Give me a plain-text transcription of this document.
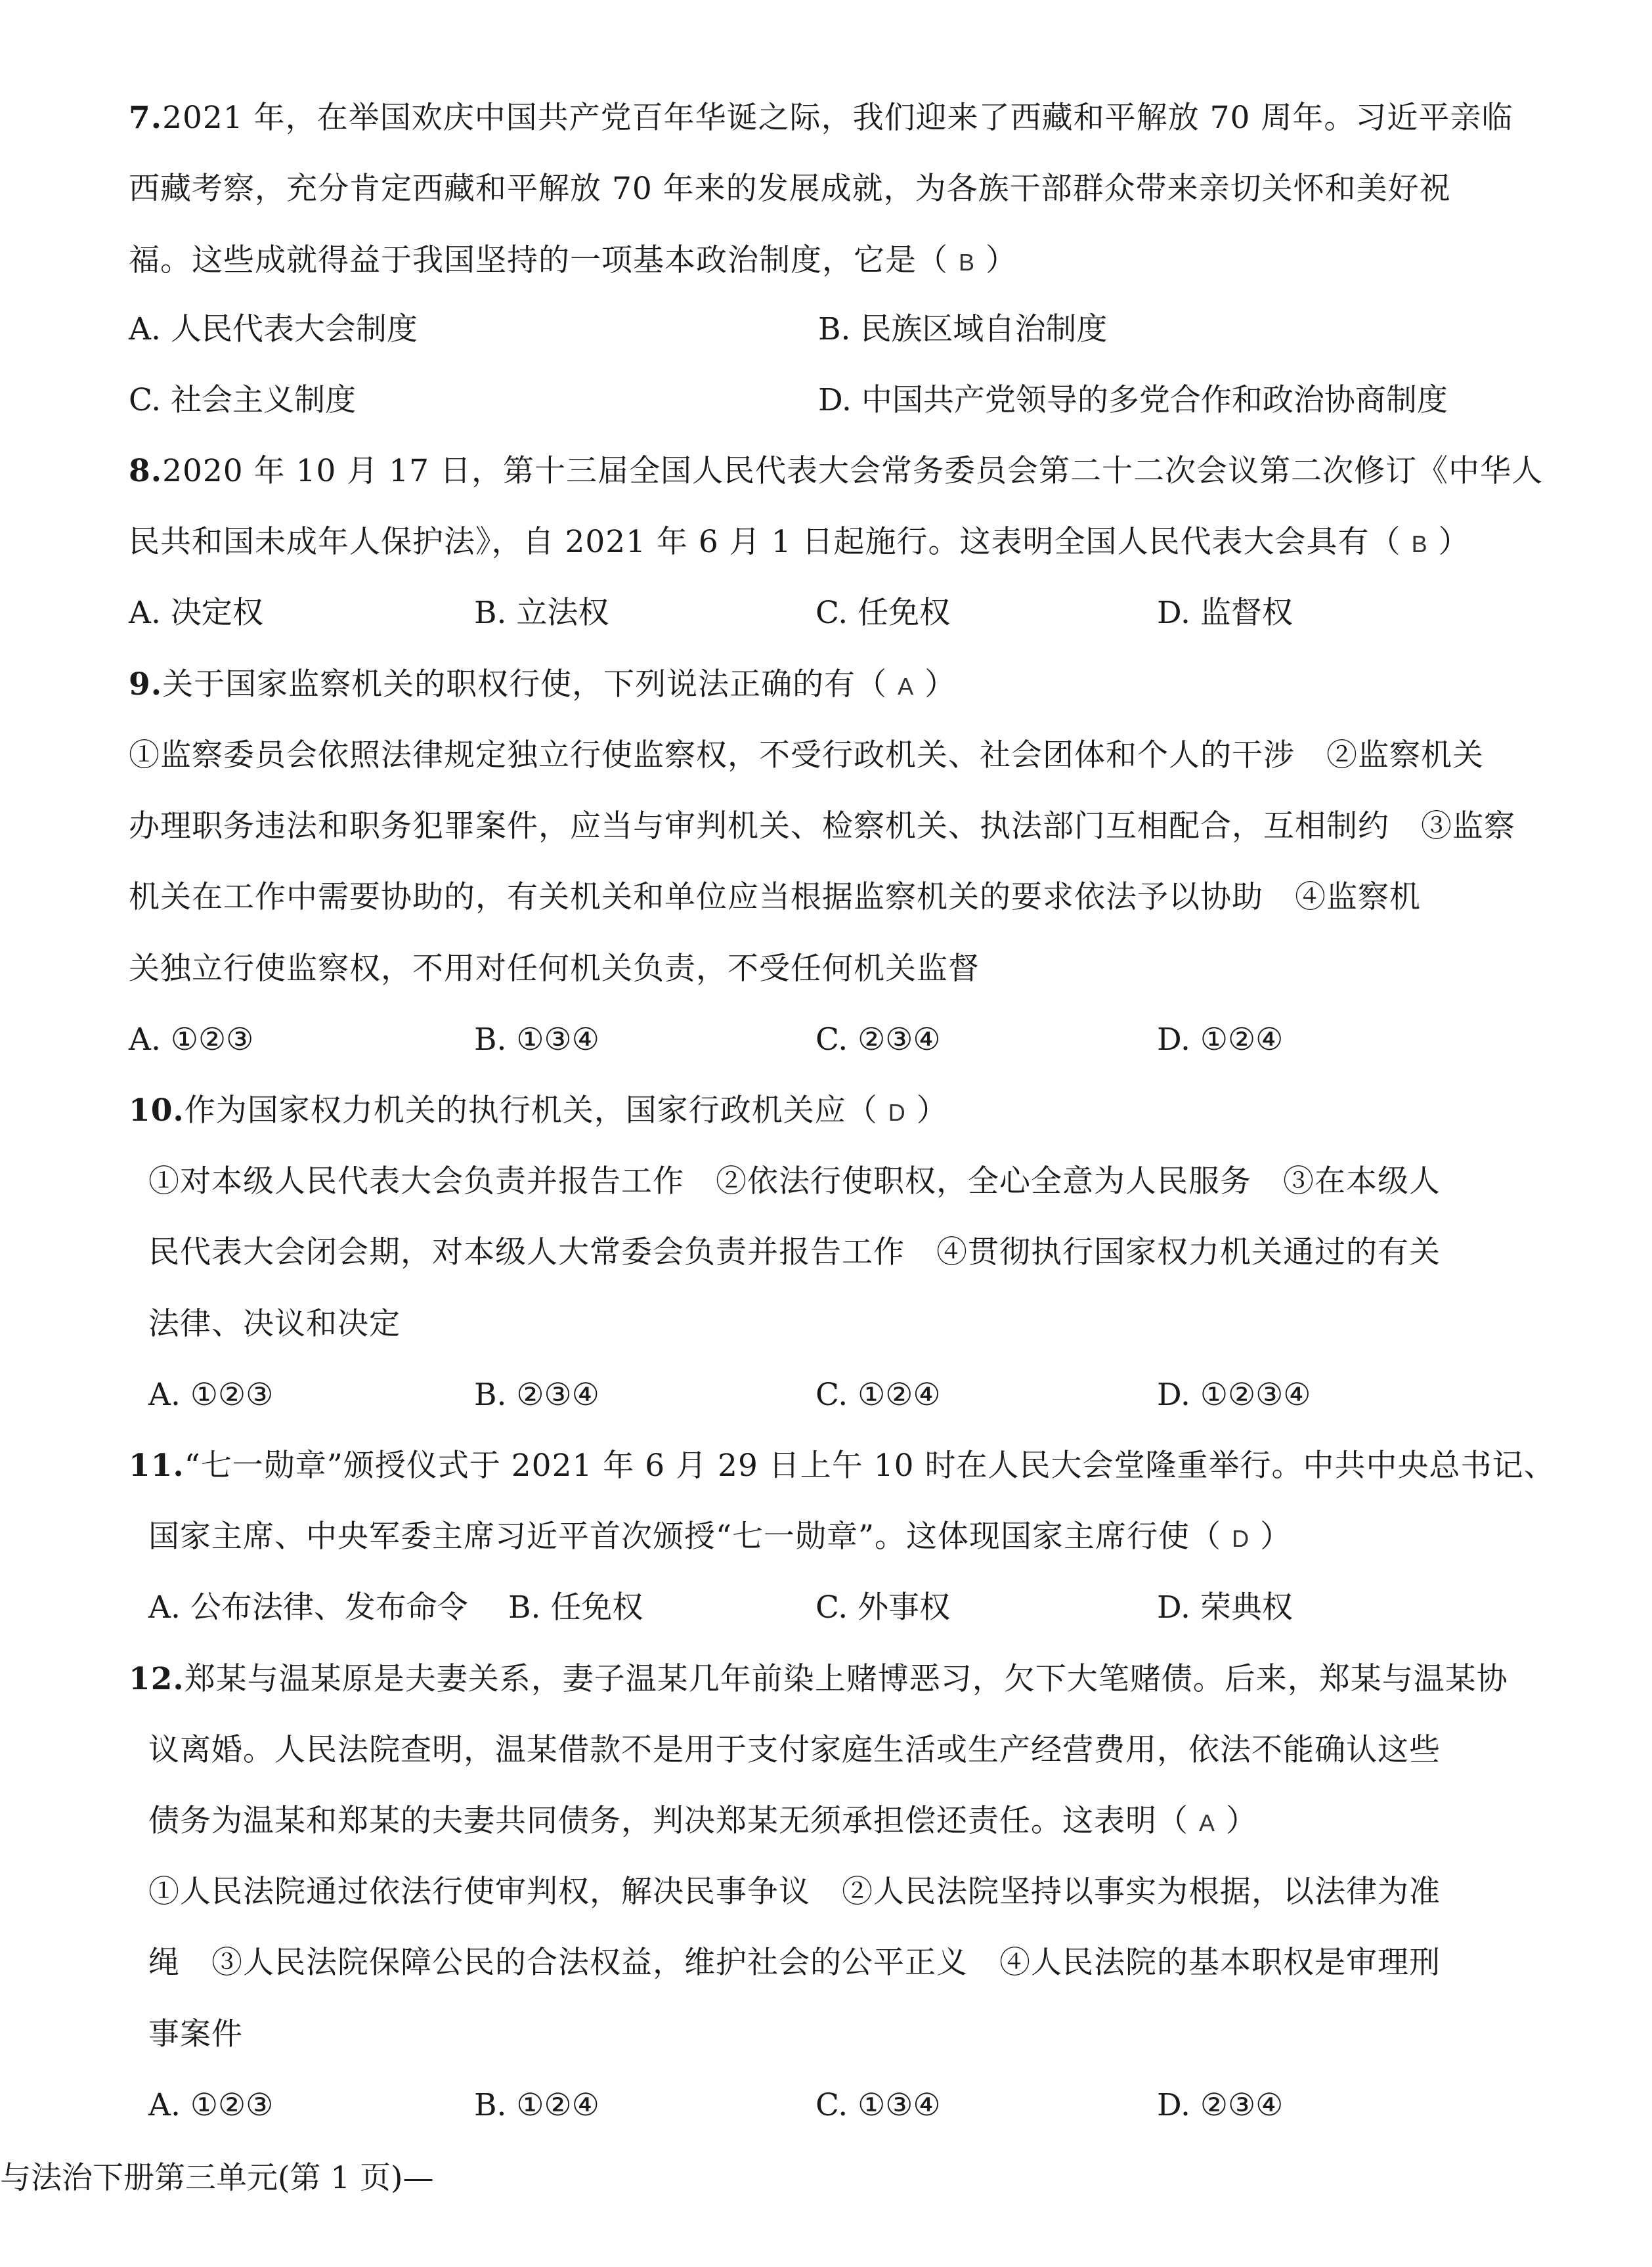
7.2021 年，在举国欢庆中国共产党百年华诞之际，我们迎来了西藏和平解放 70 周年。习近平亲临
西藏考察，充分肯定西藏和平解放 70 年来的发展成就，为各族干部群众带来亲切关怀和美好祝
福。这些成就得益于我国坚持的一项基本政治制度，它是（ B ）
A. 人民代表大会制度	B. 民族区域自治制度
C. 社会主义制度	D. 中国共产党领导的多党合作和政治协商制度
8.2020 年 10 月 17 日，第十三届全国人民代表大会常务委员会第二十二次会议第二次修订《中华人
民共和国未成年人保护法》，自 2021 年 6 月 1 日起施行。这表明全国人民代表大会具有（ B ）
A. 决定权	B. 立法权	C. 任免权	D. 监督权
9.关于国家监察机关的职权行使，下列说法正确的有（ A ）
①监察委员会依照法律规定独立行使监察权，不受行政机关、社会团体和个人的干涉　②监察机关
办理职务违法和职务犯罪案件，应当与审判机关、检察机关、执法部门互相配合，互相制约　③监察
机关在工作中需要协助的，有关机关和单位应当根据监察机关的要求依法予以协助　④监察机
关独立行使监察权，不用对任何机关负责，不受任何机关监督
A. ①②③	B. ①③④	C. ②③④	D. ①②④
10.作为国家权力机关的执行机关，国家行政机关应（ D ）
①对本级人民代表大会负责并报告工作　②依法行使职权，全心全意为人民服务　③在本级人
民代表大会闭会期，对本级人大常委会负责并报告工作　④贯彻执行国家权力机关通过的有关
法律、决议和决定
A. ①②③	B. ②③④	C. ①②④	D. ①②③④
11.“七一勋章”颁授仪式于 2021 年 6 月 29 日上午 10 时在人民大会堂隆重举行。中共中央总书记、
国家主席、中央军委主席习近平首次颁授“七一勋章”。这体现国家主席行使（ D ）
A. 公布法律、发布命令 B. 任免权	C. 外事权	D. 荣典权
12.郑某与温某原是夫妻关系，妻子温某几年前染上赌博恶习，欠下大笔赌债。后来，郑某与温某协
议离婚。人民法院查明，温某借款不是用于支付家庭生活或生产经营费用，依法不能确认这些
债务为温某和郑某的夫妻共同债务，判决郑某无须承担偿还责任。这表明（ A ）
①人民法院通过依法行使审判权，解决民事争议　②人民法院坚持以事实为根据，以法律为准
绳　③人民法院保障公民的合法权益，维护社会的公平正义　④人民法院的基本职权是审理刑
事案件
A. ①②③	B. ①②④	C. ①③④	D. ②③④
与法治下册第三单元(第 1 页)—
